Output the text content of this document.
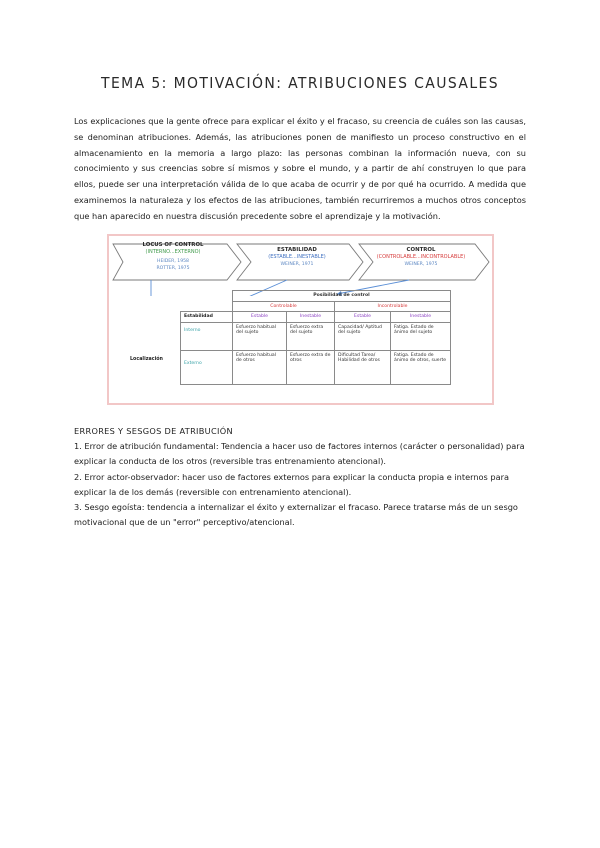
TEMA 5: MOTIVACIÓN: ATRIBUCIONES CAUSALES

Los explicaciones que la gente ofrece para explicar el éxito y el fracaso, su creencia de cuáles son las causas, se denominan atribuciones. Además, las atribuciones ponen de manifiesto un proceso constructivo en el almacenamiento en la memoria a largo plazo: las personas combinan la información nueva, con su conocimiento y sus creencias sobre sí mismos y sobre el mundo, y a partir de ahí construyen lo que para ellos, puede ser una interpretación válida de lo que acaba de ocurrir y de por qué ha ocurrido. A medida que examinemos la naturaleza y los efectos de las atribuciones, también recurriremos a muchos otros conceptos que han aparecido en nuestra discusión precedente sobre el aprendizaje y la motivación.

LOCUS OF CONTROL
(INTERNO...EXTERNO)
HEIDER, 1958
ROTTER, 1975
ESTABILIDAD
(ESTABLE...INESTABLE)
WEINER, 1971
CONTROL
(CONTROLABLE...INCONTROLABLE)
WEINER, 1975
	Posibilidad de control			
	Controlable		Incontrolable	
Estabilidad	Estable	Inestable	Estable	Inestable
Interno	Esfuerzo habitual del sujeto	Esfuerzo extra del sujeto	Capacidad/ Aptitud del sujeto	Fatiga. Estado de ánimo del sujeto
Externo	Esfuerzo habitual de otros	Esfuerzo extra de otros	Dificultad Tarea/ Habilidad de otros	Fatiga. Estado de ánimo de otros, suerte
Localización
ERRORES Y SESGOS DE ATRIBUCIÓN
1. Error de atribución fundamental: Tendencia a hacer uso de factores internos (carácter o personalidad) para explicar la conducta de los otros (reversible tras entrenamiento atencional).
2. Error actor-observador: hacer uso de factores externos para explicar la conducta propia e internos para explicar la de los demás (reversible con entrenamiento atencional).
3. Sesgo egoísta: tendencia a internalizar el éxito y externalizar el fracaso. Parece tratarse más de un sesgo motivacional que de un "error" perceptivo/atencional.
